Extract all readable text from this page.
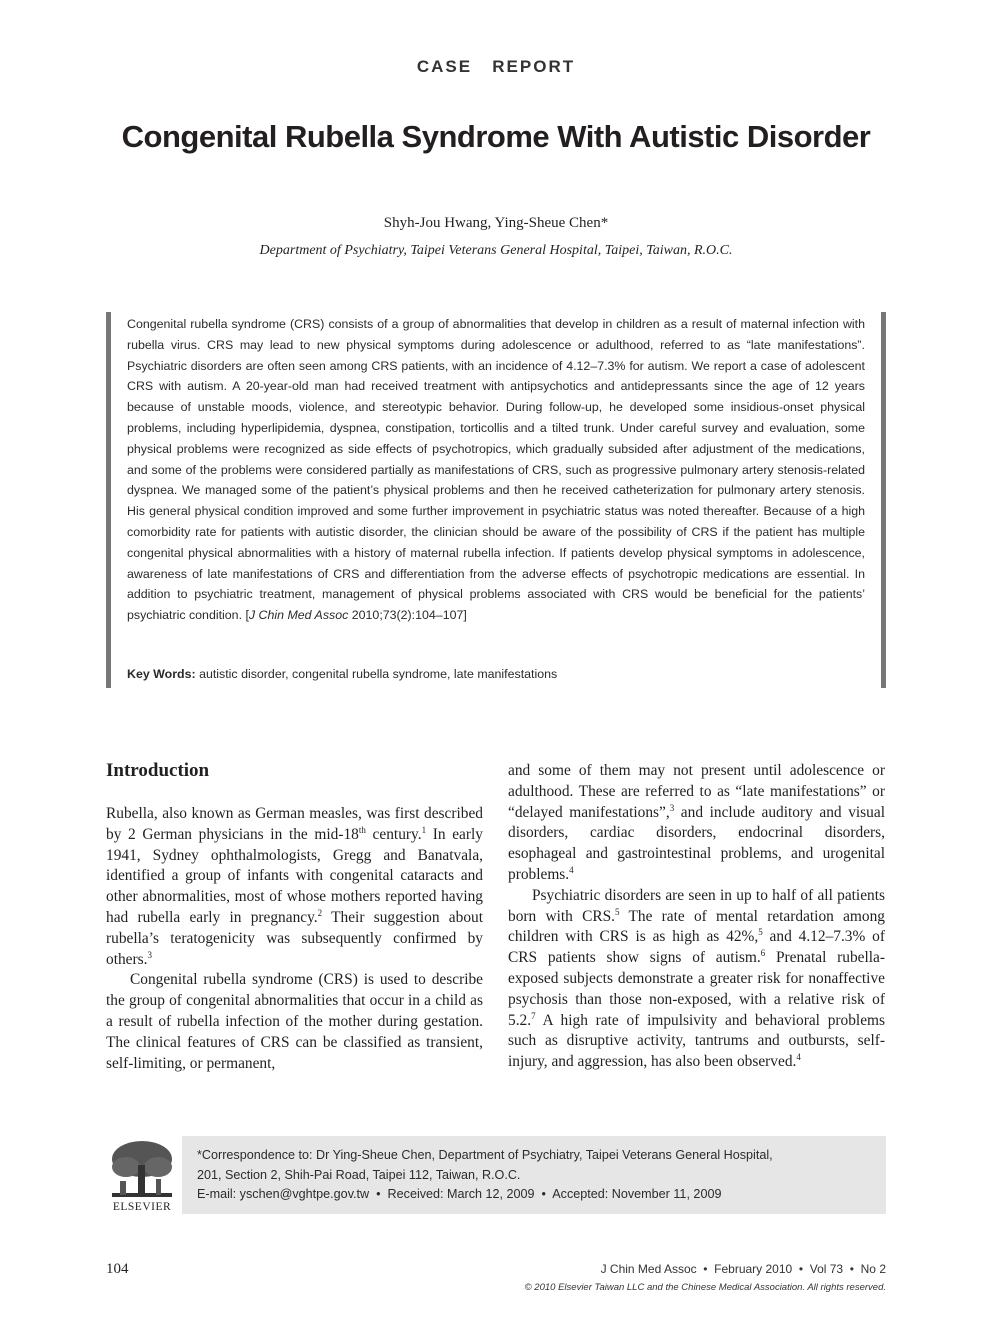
CASE   REPORT
Congenital Rubella Syndrome With Autistic Disorder
Shyh-Jou Hwang, Ying-Sheue Chen*
Department of Psychiatry, Taipei Veterans General Hospital, Taipei, Taiwan, R.O.C.
Congenital rubella syndrome (CRS) consists of a group of abnormalities that develop in children as a result of maternal infection with rubella virus. CRS may lead to new physical symptoms during adolescence or adulthood, referred to as “late manifestations”. Psychiatric disorders are often seen among CRS patients, with an incidence of 4.12–7.3% for autism. We report a case of adolescent CRS with autism. A 20-year-old man had received treatment with antipsychotics and antidepressants since the age of 12 years because of unstable moods, violence, and stereotypic behavior. During follow-up, he developed some insidious-onset physical problems, including hyperlipidemia, dyspnea, constipation, torticollis and a tilted trunk. Under careful survey and evaluation, some physical problems were recognized as side effects of psychotropics, which gradually subsided after adjustment of the medications, and some of the problems were considered partially as manifestations of CRS, such as progressive pulmonary artery stenosis-related dyspnea. We managed some of the patient’s physical problems and then he received catheterization for pulmonary artery stenosis. His general physical condition improved and some further improvement in psychiatric status was noted thereafter. Because of a high comorbidity rate for patients with autistic disorder, the clinician should be aware of the possibility of CRS if the patient has multiple congenital physical abnormalities with a history of maternal rubella infection. If patients develop physical symptoms in adolescence, awareness of late manifestations of CRS and differentiation from the adverse effects of psychotropic medications are essential. In addition to psychiatric treatment, management of physical problems associated with CRS would be beneficial for the patients’ psychiatric condition. [J Chin Med Assoc 2010;73(2):104–107]
Key Words: autistic disorder, congenital rubella syndrome, late manifestations
Introduction

Rubella, also known as German measles, was first described by 2 German physicians in the mid-18th century.$^1$ In early 1941, Sydney ophthalmologists, Gregg and Banatvala, identified a group of infants with congenital cataracts and other abnormalities, most of whose mothers reported having had rubella early in pregnancy.$^2$ Their suggestion about rubella’s teratogenicity was subsequently confirmed by others.$^3$

Congenital rubella syndrome (CRS) is used to describe the group of congenital abnormalities that occur in a child as a result of rubella infection of the mother during gestation. The clinical features of CRS can be classified as transient, self-limiting, or permanent,

and some of them may not present until adolescence or adulthood. These are referred to as “late manifestations” or “delayed manifestations”,$^3$ and include auditory and visual disorders, cardiac disorders, endocrinal disorders, esophageal and gastrointestinal problems, and urogenital problems.$^4$

Psychiatric disorders are seen in up to half of all patients born with CRS.$^5$ The rate of mental retardation among children with CRS is as high as 42%,$^5$ and 4.12–7.3% of CRS patients show signs of autism.$^6$ Prenatal rubella-exposed subjects demonstrate a greater risk for nonaffective psychosis than those non-exposed, with a relative risk of 5.2.$^7$ A high rate of impulsivity and behavioral problems such as disruptive activity, tantrums and outbursts, self-injury, and aggression, has also been observed.$^4$

ELSEVIER
*Correspondence to: Dr Ying-Sheue Chen, Department of Psychiatry, Taipei Veterans General Hospital,
201, Section 2, Shih-Pai Road, Taipei 112, Taiwan, R.O.C.
E-mail: yschen@vghtpe.gov.tw  •  Received: March 12, 2009  •  Accepted: November 11, 2009
104	J Chin Med Assoc  •  February 2010  •  Vol 73  •  No 2
© 2010 Elsevier Taiwan LLC and the Chinese Medical Association. All rights reserved.
